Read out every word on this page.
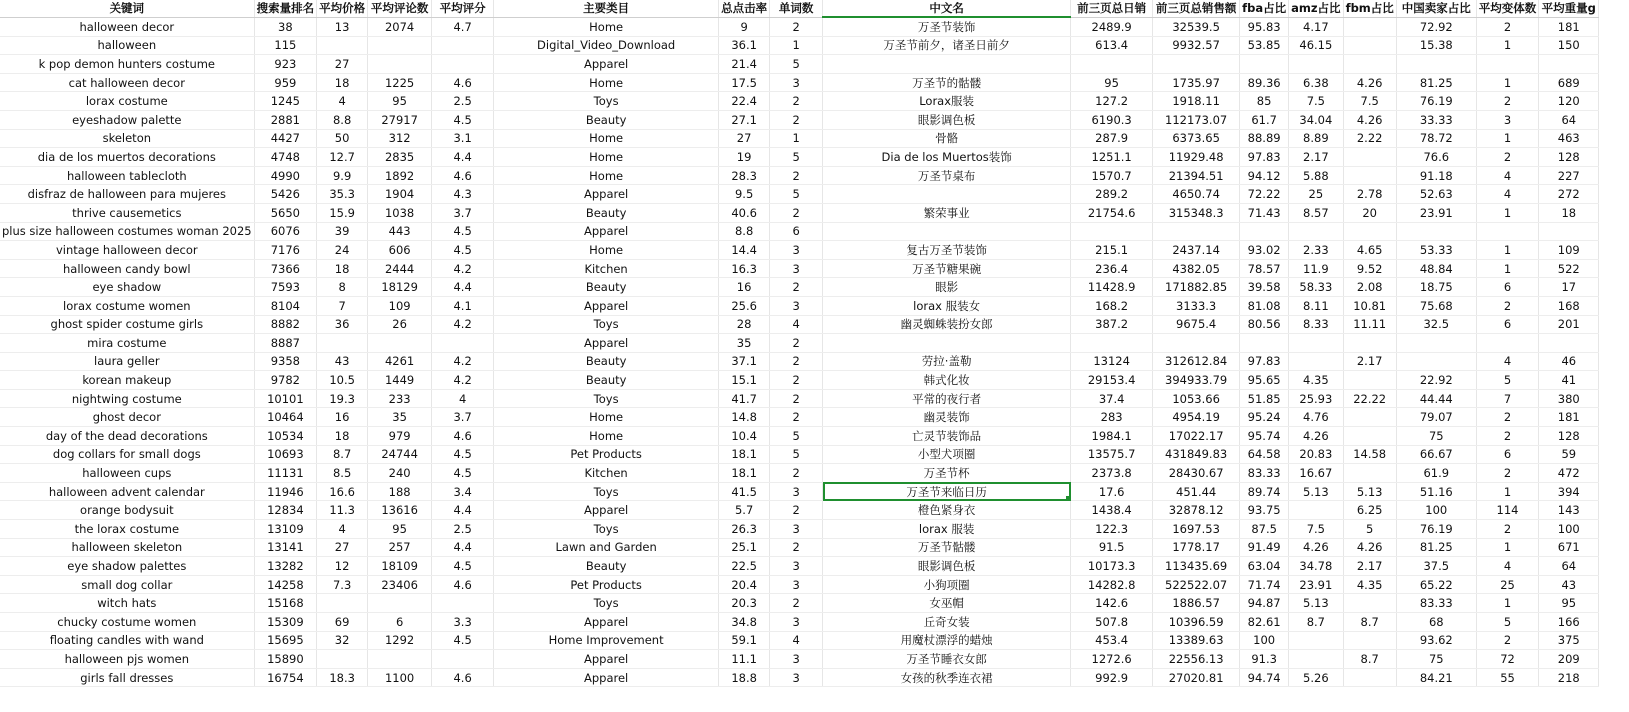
关键词	搜索量排名	平均价格	平均评论数	平均评分	主要类目	总点击率	单词数	中文名	前三页总日销	前三页总销售额	fba占比	amz占比	fbm占比	中国卖家占比	平均变体数	平均重量g
halloween decor	38	13	2074	4.7	Home	9	2	万圣节装饰	2489.9	32539.5	95.83	4.17		72.92	2	181
halloween	115				Digital_Video_Download	36.1	1	万圣节前夕，诸圣日前夕	613.4	9932.57	53.85	46.15		15.38	1	150
k pop demon hunters costume	923	27			Apparel	21.4	5									
cat halloween decor	959	18	1225	4.6	Home	17.5	3	万圣节的骷髅	95	1735.97	89.36	6.38	4.26	81.25	1	689
lorax costume	1245	4	95	2.5	Toys	22.4	2	Lorax服装	127.2	1918.11	85	7.5	7.5	76.19	2	120
eyeshadow palette	2881	8.8	27917	4.5	Beauty	27.1	2	眼影调色板	6190.3	112173.07	61.7	34.04	4.26	33.33	3	64
skeleton	4427	50	312	3.1	Home	27	1	骨骼	287.9	6373.65	88.89	8.89	2.22	78.72	1	463
dia de los muertos decorations	4748	12.7	2835	4.4	Home	19	5	Dia de los Muertos装饰	1251.1	11929.48	97.83	2.17		76.6	2	128
halloween tablecloth	4990	9.9	1892	4.6	Home	28.3	2	万圣节桌布	1570.7	21394.51	94.12	5.88		91.18	4	227
disfraz de halloween para mujeres	5426	35.3	1904	4.3	Apparel	9.5	5		289.2	4650.74	72.22	25	2.78	52.63	4	272
thrive causemetics	5650	15.9	1038	3.7	Beauty	40.6	2	繁荣事业	21754.6	315348.3	71.43	8.57	20	23.91	1	18
plus size halloween costumes woman 2025	6076	39	443	4.5	Apparel	8.8	6									
vintage halloween decor	7176	24	606	4.5	Home	14.4	3	复古万圣节装饰	215.1	2437.14	93.02	2.33	4.65	53.33	1	109
halloween candy bowl	7366	18	2444	4.2	Kitchen	16.3	3	万圣节糖果碗	236.4	4382.05	78.57	11.9	9.52	48.84	1	522
eye shadow	7593	8	18129	4.4	Beauty	16	2	眼影	11428.9	171882.85	39.58	58.33	2.08	18.75	6	17
lorax costume women	8104	7	109	4.1	Apparel	25.6	3	lorax 服装女	168.2	3133.3	81.08	8.11	10.81	75.68	2	168
ghost spider costume girls	8882	36	26	4.2	Toys	28	4	幽灵蜘蛛装扮女郎	387.2	9675.4	80.56	8.33	11.11	32.5	6	201
mira costume	8887				Apparel	35	2									
laura geller	9358	43	4261	4.2	Beauty	37.1	2	劳拉·盖勒	13124	312612.84	97.83		2.17		4	46
korean makeup	9782	10.5	1449	4.2	Beauty	15.1	2	韩式化妆	29153.4	394933.79	95.65	4.35		22.92	5	41
nightwing costume	10101	19.3	233	4	Toys	41.7	2	平常的夜行者	37.4	1053.66	51.85	25.93	22.22	44.44	7	380
ghost decor	10464	16	35	3.7	Home	14.8	2	幽灵装饰	283	4954.19	95.24	4.76		79.07	2	181
day of the dead decorations	10534	18	979	4.6	Home	10.4	5	亡灵节装饰品	1984.1	17022.17	95.74	4.26		75	2	128
dog collars for small dogs	10693	8.7	24744	4.5	Pet Products	18.1	5	小型犬项圈	13575.7	431849.83	64.58	20.83	14.58	66.67	6	59
halloween cups	11131	8.5	240	4.5	Kitchen	18.1	2	万圣节杯	2373.8	28430.67	83.33	16.67		61.9	2	472
halloween advent calendar	11946	16.6	188	3.4	Toys	41.5	3	万圣节来临日历	17.6	451.44	89.74	5.13	5.13	51.16	1	394
orange bodysuit	12834	11.3	13616	4.4	Apparel	5.7	2	橙色紧身衣	1438.4	32878.12	93.75		6.25	100	114	143
the lorax costume	13109	4	95	2.5	Toys	26.3	3	lorax 服装	122.3	1697.53	87.5	7.5	5	76.19	2	100
halloween skeleton	13141	27	257	4.4	Lawn and Garden	25.1	2	万圣节骷髅	91.5	1778.17	91.49	4.26	4.26	81.25	1	671
eye shadow palettes	13282	12	18109	4.5	Beauty	22.5	3	眼影调色板	10173.3	113435.69	63.04	34.78	2.17	37.5	4	64
small dog collar	14258	7.3	23406	4.6	Pet Products	20.4	3	小狗项圈	14282.8	522522.07	71.74	23.91	4.35	65.22	25	43
witch hats	15168				Toys	20.3	2	女巫帽	142.6	1886.57	94.87	5.13		83.33	1	95
chucky costume women	15309	69	6	3.3	Apparel	34.8	3	丘奇女装	507.8	10396.59	82.61	8.7	8.7	68	5	166
floating candles with wand	15695	32	1292	4.5	Home Improvement	59.1	4	用魔杖漂浮的蜡烛	453.4	13389.63	100			93.62	2	375
halloween pjs women	15890				Apparel	11.1	3	万圣节睡衣女郎	1272.6	22556.13	91.3		8.7	75	72	209
girls fall dresses	16754	18.3	1100	4.6	Apparel	18.8	3	女孩的秋季连衣裙	992.9	27020.81	94.74	5.26		84.21	55	218
